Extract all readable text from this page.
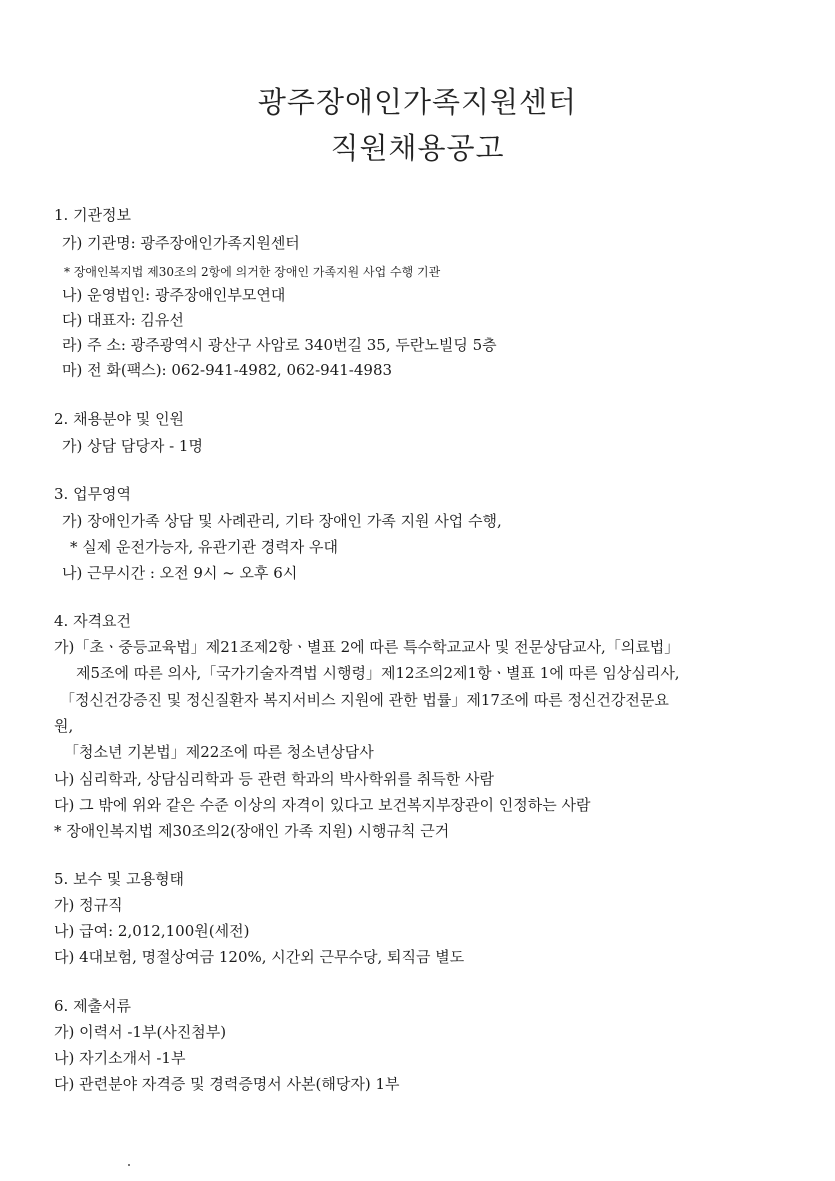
광주장애인가족지원센터
직원채용공고
1. 기관정보
가) 기관명: 광주장애인가족지원센터
* 장애인복지법 제30조의 2항에 의거한 장애인 가족지원 사업 수행 기관
나) 운영법인: 광주장애인부모연대
다) 대표자: 김유선
라) 주 소: 광주광역시 광산구 사암로 340번길 35, 두란노빌딩 5층
마) 전 화(팩스): 062-941-4982, 062-941-4983
2. 채용분야 및 인원
가) 상담 담당자 - 1명
3. 업무영역
가) 장애인가족 상담 및 사례관리, 기타 장애인 가족 지원 사업 수행,
* 실제 운전가능자, 유관기관 경력자 우대
나) 근무시간 : 오전 9시 ~ 오후 6시
4. 자격요건
가)「초ㆍ중등교육법」제21조제2항ㆍ별표 2에 따른 특수학교교사 및 전문상담교사,「의료법」
제5조에 따른 의사,「국가기술자격법 시행령」제12조의2제1항ㆍ별표 1에 따른 임상심리사,
「정신건강증진 및 정신질환자 복지서비스 지원에 관한 법률」제17조에 따른 정신건강전문요
원,
「청소년 기본법」제22조에 따른 청소년상담사
나) 심리학과, 상담심리학과 등 관련 학과의 박사학위를 취득한 사람
다) 그 밖에 위와 같은 수준 이상의 자격이 있다고 보건복지부장관이 인정하는 사람
* 장애인복지법 제30조의2(장애인 가족 지원) 시행규칙 근거
5. 보수 및 고용형태
가) 정규직
나) 급여: 2,012,100원(세전)
다) 4대보험, 명절상여금 120%, 시간외 근무수당, 퇴직금 별도
6. 제출서류
가) 이력서 -1부(사진첨부)
나) 자기소개서 -1부
다) 관련분야 자격증 및 경력증명서 사본(해당자) 1부
